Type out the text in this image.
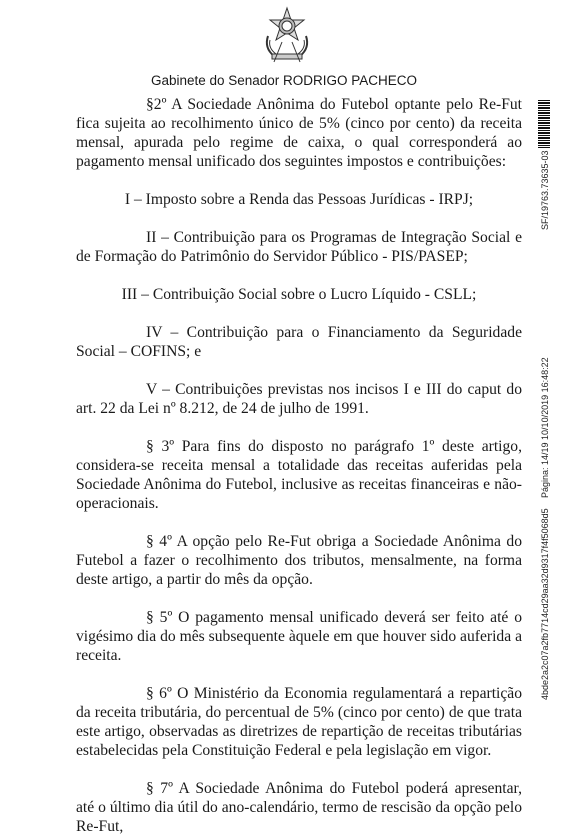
Gabinete do Senador RODRIGO PACHECO

§2º A Sociedade Anônima do Futebol optante pelo Re-Fut fica sujeita ao recolhimento único de 5% (cinco por cento) da receita mensal, apurada pelo regime de caixa, o qual corresponderá ao pagamento mensal unificado dos seguintes impostos e contribuições:

I – Imposto sobre a Renda das Pessoas Jurídicas - IRPJ;

II – Contribuição para os Programas de Integração Social e de Formação do Patrimônio do Servidor Público - PIS/PASEP;

III – Contribuição Social sobre o Lucro Líquido - CSLL;

IV – Contribuição para o Financiamento da Seguridade Social – COFINS; e

V – Contribuições previstas nos incisos I e III do caput do art. 22 da Lei nº 8.212, de 24 de julho de 1991.

§ 3º Para fins do disposto no parágrafo 1º deste artigo, considera-se receita mensal a totalidade das receitas auferidas pela Sociedade Anônima do Futebol, inclusive as receitas financeiras e não-operacionais.

§ 4º A opção pelo Re-Fut obriga a Sociedade Anônima do Futebol a fazer o recolhimento dos tributos, mensalmente, na forma deste artigo, a partir do mês da opção.

§ 5º O pagamento mensal unificado deverá ser feito até o vigésimo dia do mês subsequente àquele em que houver sido auferida a receita.

§ 6º O Ministério da Economia regulamentará a repartição da receita tributária, do percentual de 5% (cinco por cento) de que trata este artigo, observadas as diretrizes de repartição de receitas tributárias estabelecidas pela Constituição Federal e pela legislação em vigor.

§ 7º A Sociedade Anônima do Futebol poderá apresentar, até o último dia útil do ano-calendário, termo de rescisão da opção pelo Re-Fut,

SF/19763.73635-03
Página: 14/19 10/10/2019 16:48:22
4bde2a2c07a2fb7714cd29aa32d9317f4f5068d5
